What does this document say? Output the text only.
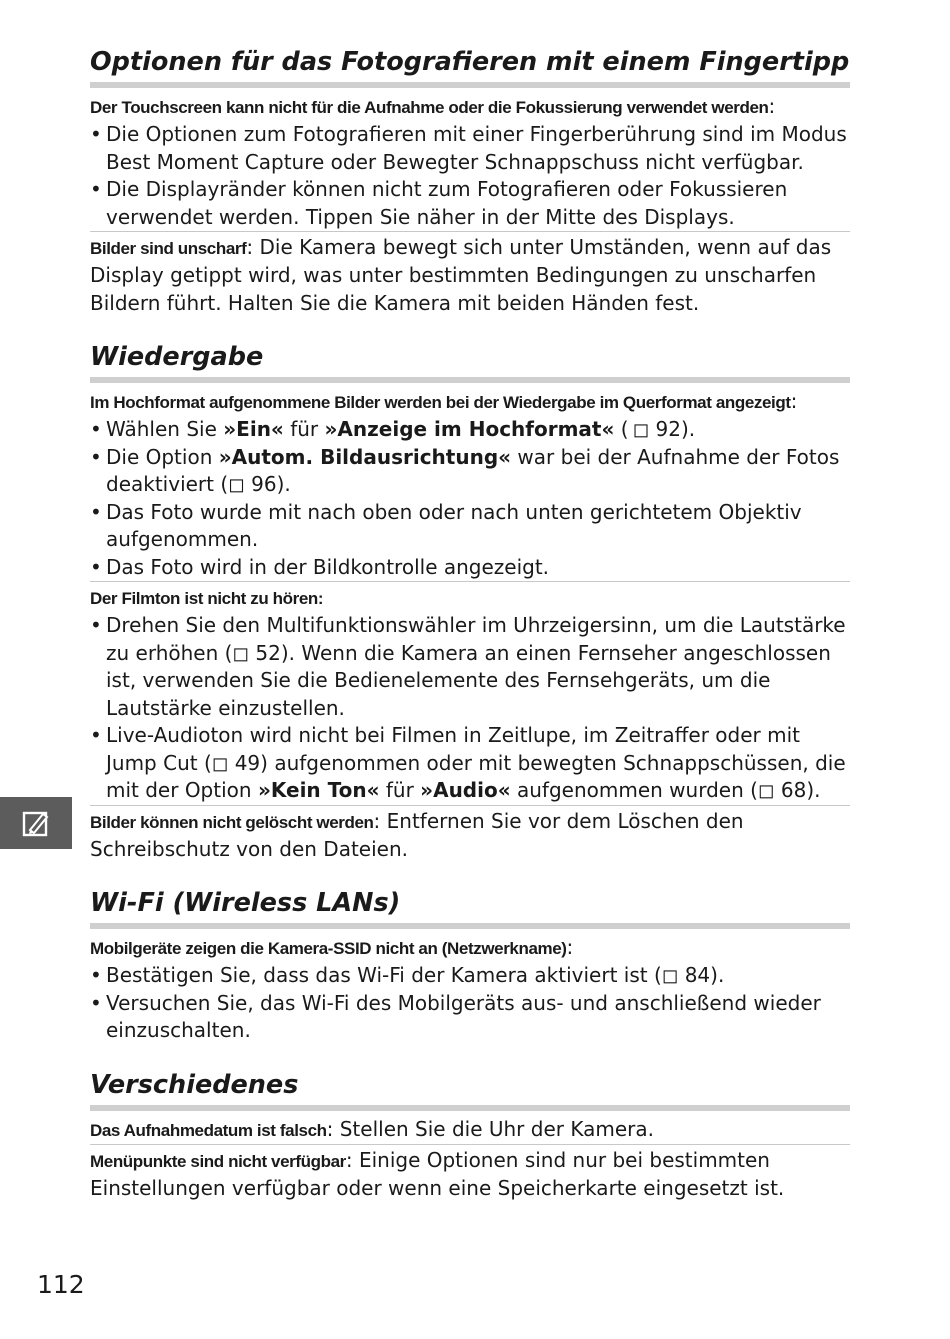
Optionen für das Fotografieren mit einem Fingertipp

Der Touchscreen kann nicht für die Aufnahme oder die Fokussierung verwendet werden:

• Die Optionen zum Fotografieren mit einer Fingerberührung sind im Modus Best Moment Capture oder Bewegter Schnappschuss nicht verfügbar.
• Die Displayränder können nicht zum Fotografieren oder Fokussieren verwendet werden. Tippen Sie näher in der Mitte des Displays.

Bilder sind unscharf: Die Kamera bewegt sich unter Umständen, wenn auf das Display getippt wird, was unter bestimmten Bedingungen zu unscharfen Bildern führt. Halten Sie die Kamera mit beiden Händen fest.

Wiedergabe

Im Hochformat aufgenommene Bilder werden bei der Wiedergabe im Querformat angezeigt:

• Wählen Sie »Ein« für »Anzeige im Hochformat« ( ◻ 92).
• Die Option »Autom. Bildausrichtung« war bei der Aufnahme der Fotos deaktiviert (◻ 96).
• Das Foto wurde mit nach oben oder nach unten gerichtetem Objektiv aufgenommen.
• Das Foto wird in der Bildkontrolle angezeigt.

Der Filmton ist nicht zu hören:

• Drehen Sie den Multifunktionswähler im Uhrzeigersinn, um die Lautstärke zu erhöhen (◻ 52). Wenn die Kamera an einen Fernseher angeschlossen ist, verwenden Sie die Bedienelemente des Fernsehgeräts, um die Lautstärke einzustellen.
• Live-Audioton wird nicht bei Filmen in Zeitlupe, im Zeitraffer oder mit Jump Cut (◻ 49) aufgenommen oder mit bewegten Schnappschüssen, die mit der Option »Kein Ton« für »Audio« aufgenommen wurden (◻ 68).

Bilder können nicht gelöscht werden: Entfernen Sie vor dem Löschen den Schreibschutz von den Dateien.

Wi-Fi (Wireless LANs)

Mobilgeräte zeigen die Kamera-SSID nicht an (Netzwerkname):

• Bestätigen Sie, dass das Wi-Fi der Kamera aktiviert ist (◻ 84).
• Versuchen Sie, das Wi-Fi des Mobilgeräts aus- und anschließend wieder einzuschalten.
Verschiedenes

Das Aufnahmedatum ist falsch: Stellen Sie die Uhr der Kamera.

Menüpunkte sind nicht verfügbar: Einige Optionen sind nur bei bestimmten Einstellungen verfügbar oder wenn eine Speicherkarte eingesetzt ist.

112
